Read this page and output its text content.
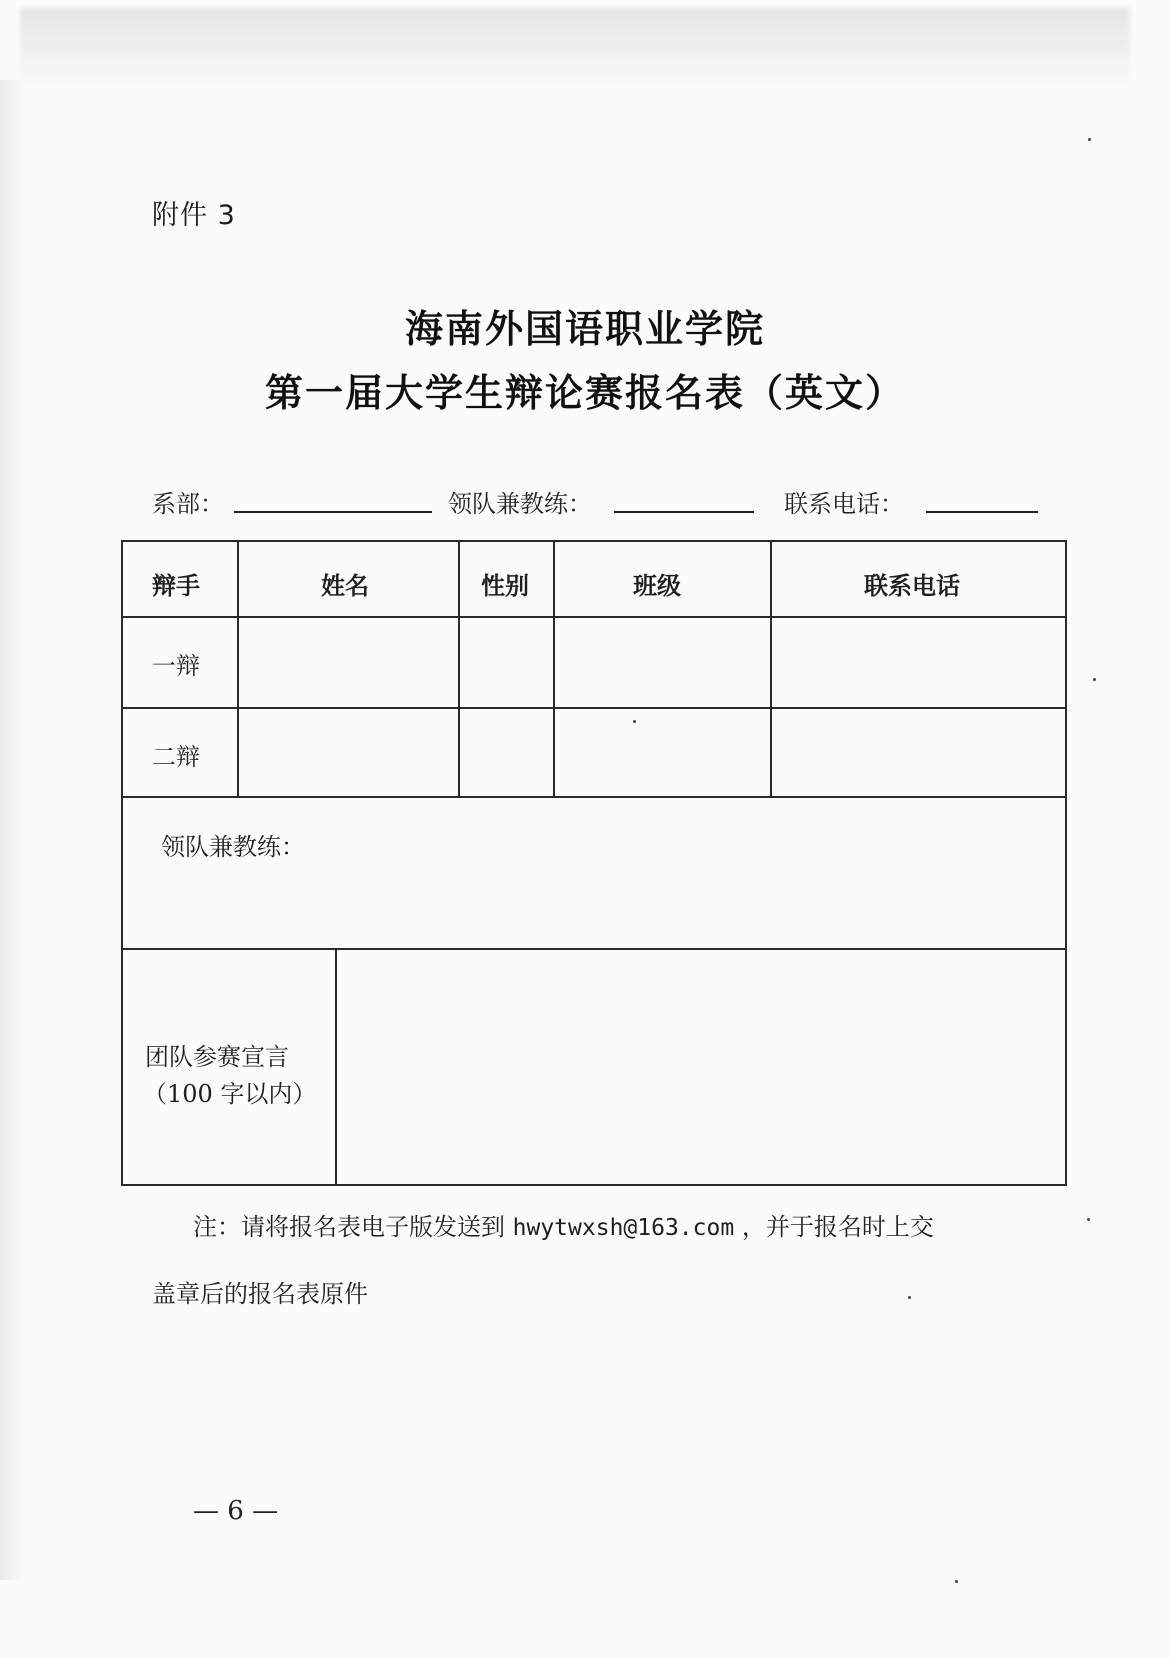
附件 3
海南外国语职业学院
第一届大学生辩论赛报名表（英文）
系部：	领队兼教练：	联系电话：
辩手	姓名	性别	班级	联系电话
一辩
二辩
领队兼教练：
团队参赛宣言
（100 字以内）
注：请将报名表电子版发送到 hwytwxsh@163.com ，并于报名时上交
盖章后的报名表原件
— 6 —
